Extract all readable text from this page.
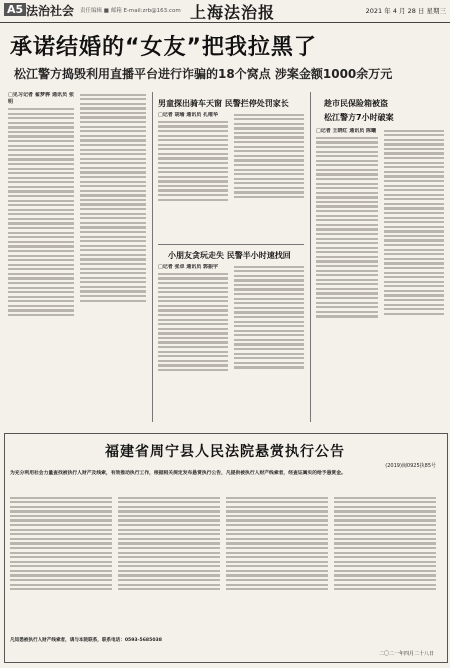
A5 法治社会 责任编辑 ■ 邮箱 E-mail:zrb@163.com 上海法治报	2021 年 4 月 28 日 星期三
承诺结婚的“女友”把我拉黑了
松江警方捣毁利用直播平台进行诈骗的18个窝点 涉案金额1000余万元
□见习记者 翟梦骅 通讯员 张明	男童探出骑车天窗 民警拦停处罚家长
□记者 胡瑜 通讯员 孔维华
小朋友贪玩走失 民警半小时速找回
□记者 张卓 通讯员 郭振宇
趁市民保险箱被盗
松江警方7小时破案
□记者 王晓红 通讯员 陈曦
福建省周宁县人民法院悬赏执行公告
(2019)闽0925执85号
为充分利用社会力量查找被执行人财产及线索，有效推动执行工作，根据相关规定发布悬赏执行公告，凡提供被执行人财产线索者，经查证属实的给予悬赏金。
凡知悉被执行人财产线索者，请与本院联系，联系电话：0593-5685038
二〇二一年四月二十八日
